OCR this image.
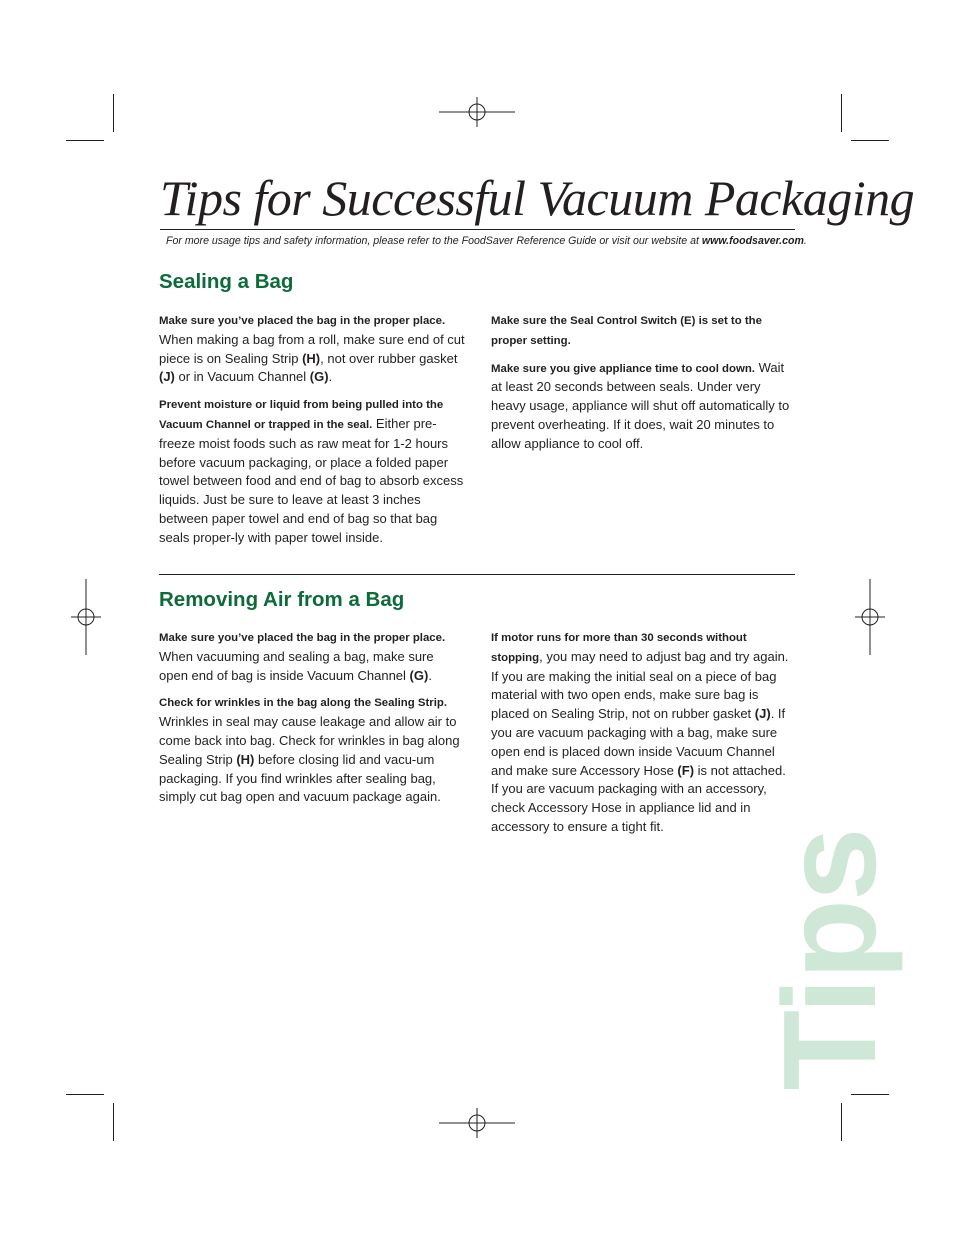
Tips for Successful Vacuum Packaging
For more usage tips and safety information, please refer to the FoodSaver Reference Guide or visit our website at www.foodsaver.com.
Sealing a Bag

Make sure you’ve placed the bag in the proper place. When making a bag from a roll, make sure end of cut piece is on Sealing Strip (H), not over rubber gasket (J) or in Vacuum Channel (G).

Prevent moisture or liquid from being pulled into the Vacuum Channel or trapped in the seal. Either pre-freeze moist foods such as raw meat for 1-2 hours before vacuum packaging, or place a folded paper towel between food and end of bag to absorb excess liquids. Just be sure to leave at least 3 inches between paper towel and end of bag so that bag seals proper-ly with paper towel inside.

Make sure the Seal Control Switch (E) is set to the proper setting.

Make sure you give appliance time to cool down. Wait at least 20 seconds between seals. Under very heavy usage, appliance will shut off automatically to prevent overheating. If it does, wait 20 minutes to allow appliance to cool off.

Removing Air from a Bag

Make sure you’ve placed the bag in the proper place. When vacuuming and sealing a bag, make sure open end of bag is inside Vacuum Channel (G).

Check for wrinkles in the bag along the Sealing Strip. Wrinkles in seal may cause leakage and allow air to come back into bag. Check for wrinkles in bag along Sealing Strip (H) before closing lid and vacu-um packaging. If you find wrinkles after sealing bag, simply cut bag open and vacuum package again.

If motor runs for more than 30 seconds without stopping, you may need to adjust bag and try again. If you are making the initial seal on a piece of bag material with two open ends, make sure bag is placed on Sealing Strip, not on rubber gasket (J). If you are vacuum packaging with a bag, make sure open end is placed down inside Vacuum Channel and make sure Accessory Hose (F) is not attached. If you are vacuum packaging with an accessory, check Accessory Hose in appliance lid and in accessory to ensure a tight fit.

Tips
